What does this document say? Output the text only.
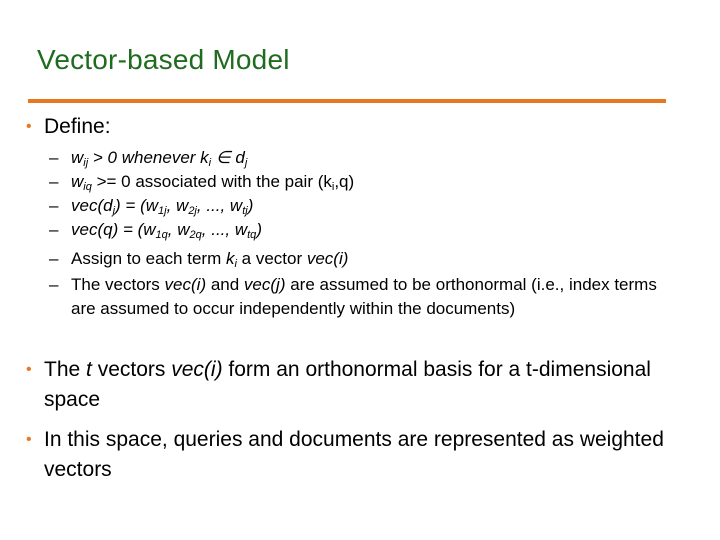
Vector-based Model
• Define:
– $w_{ij} > 0$ whenever $k_i$ ∈ $d_j$
– $w_{iq} >= 0$ associated with the pair $(k_i,q)$
– $vec(d_j) = (w_{1j}$, $w_{2j}$, ..., $w_{tj}$)
– $vec(q) = (w_{1q}$, $w_{2q}$, ..., $w_{tq}$)
– Assign to each term $k_i$ a vector vec(i)
– The vectors vec(i) and vec(j) are assumed to be orthonormal (i.e., index terms are assumed to occur independently within the documents)
• The t vectors vec(i) form an orthonormal basis for a t-dimensional space
• In this space, queries and documents are represented as weighted vectors
